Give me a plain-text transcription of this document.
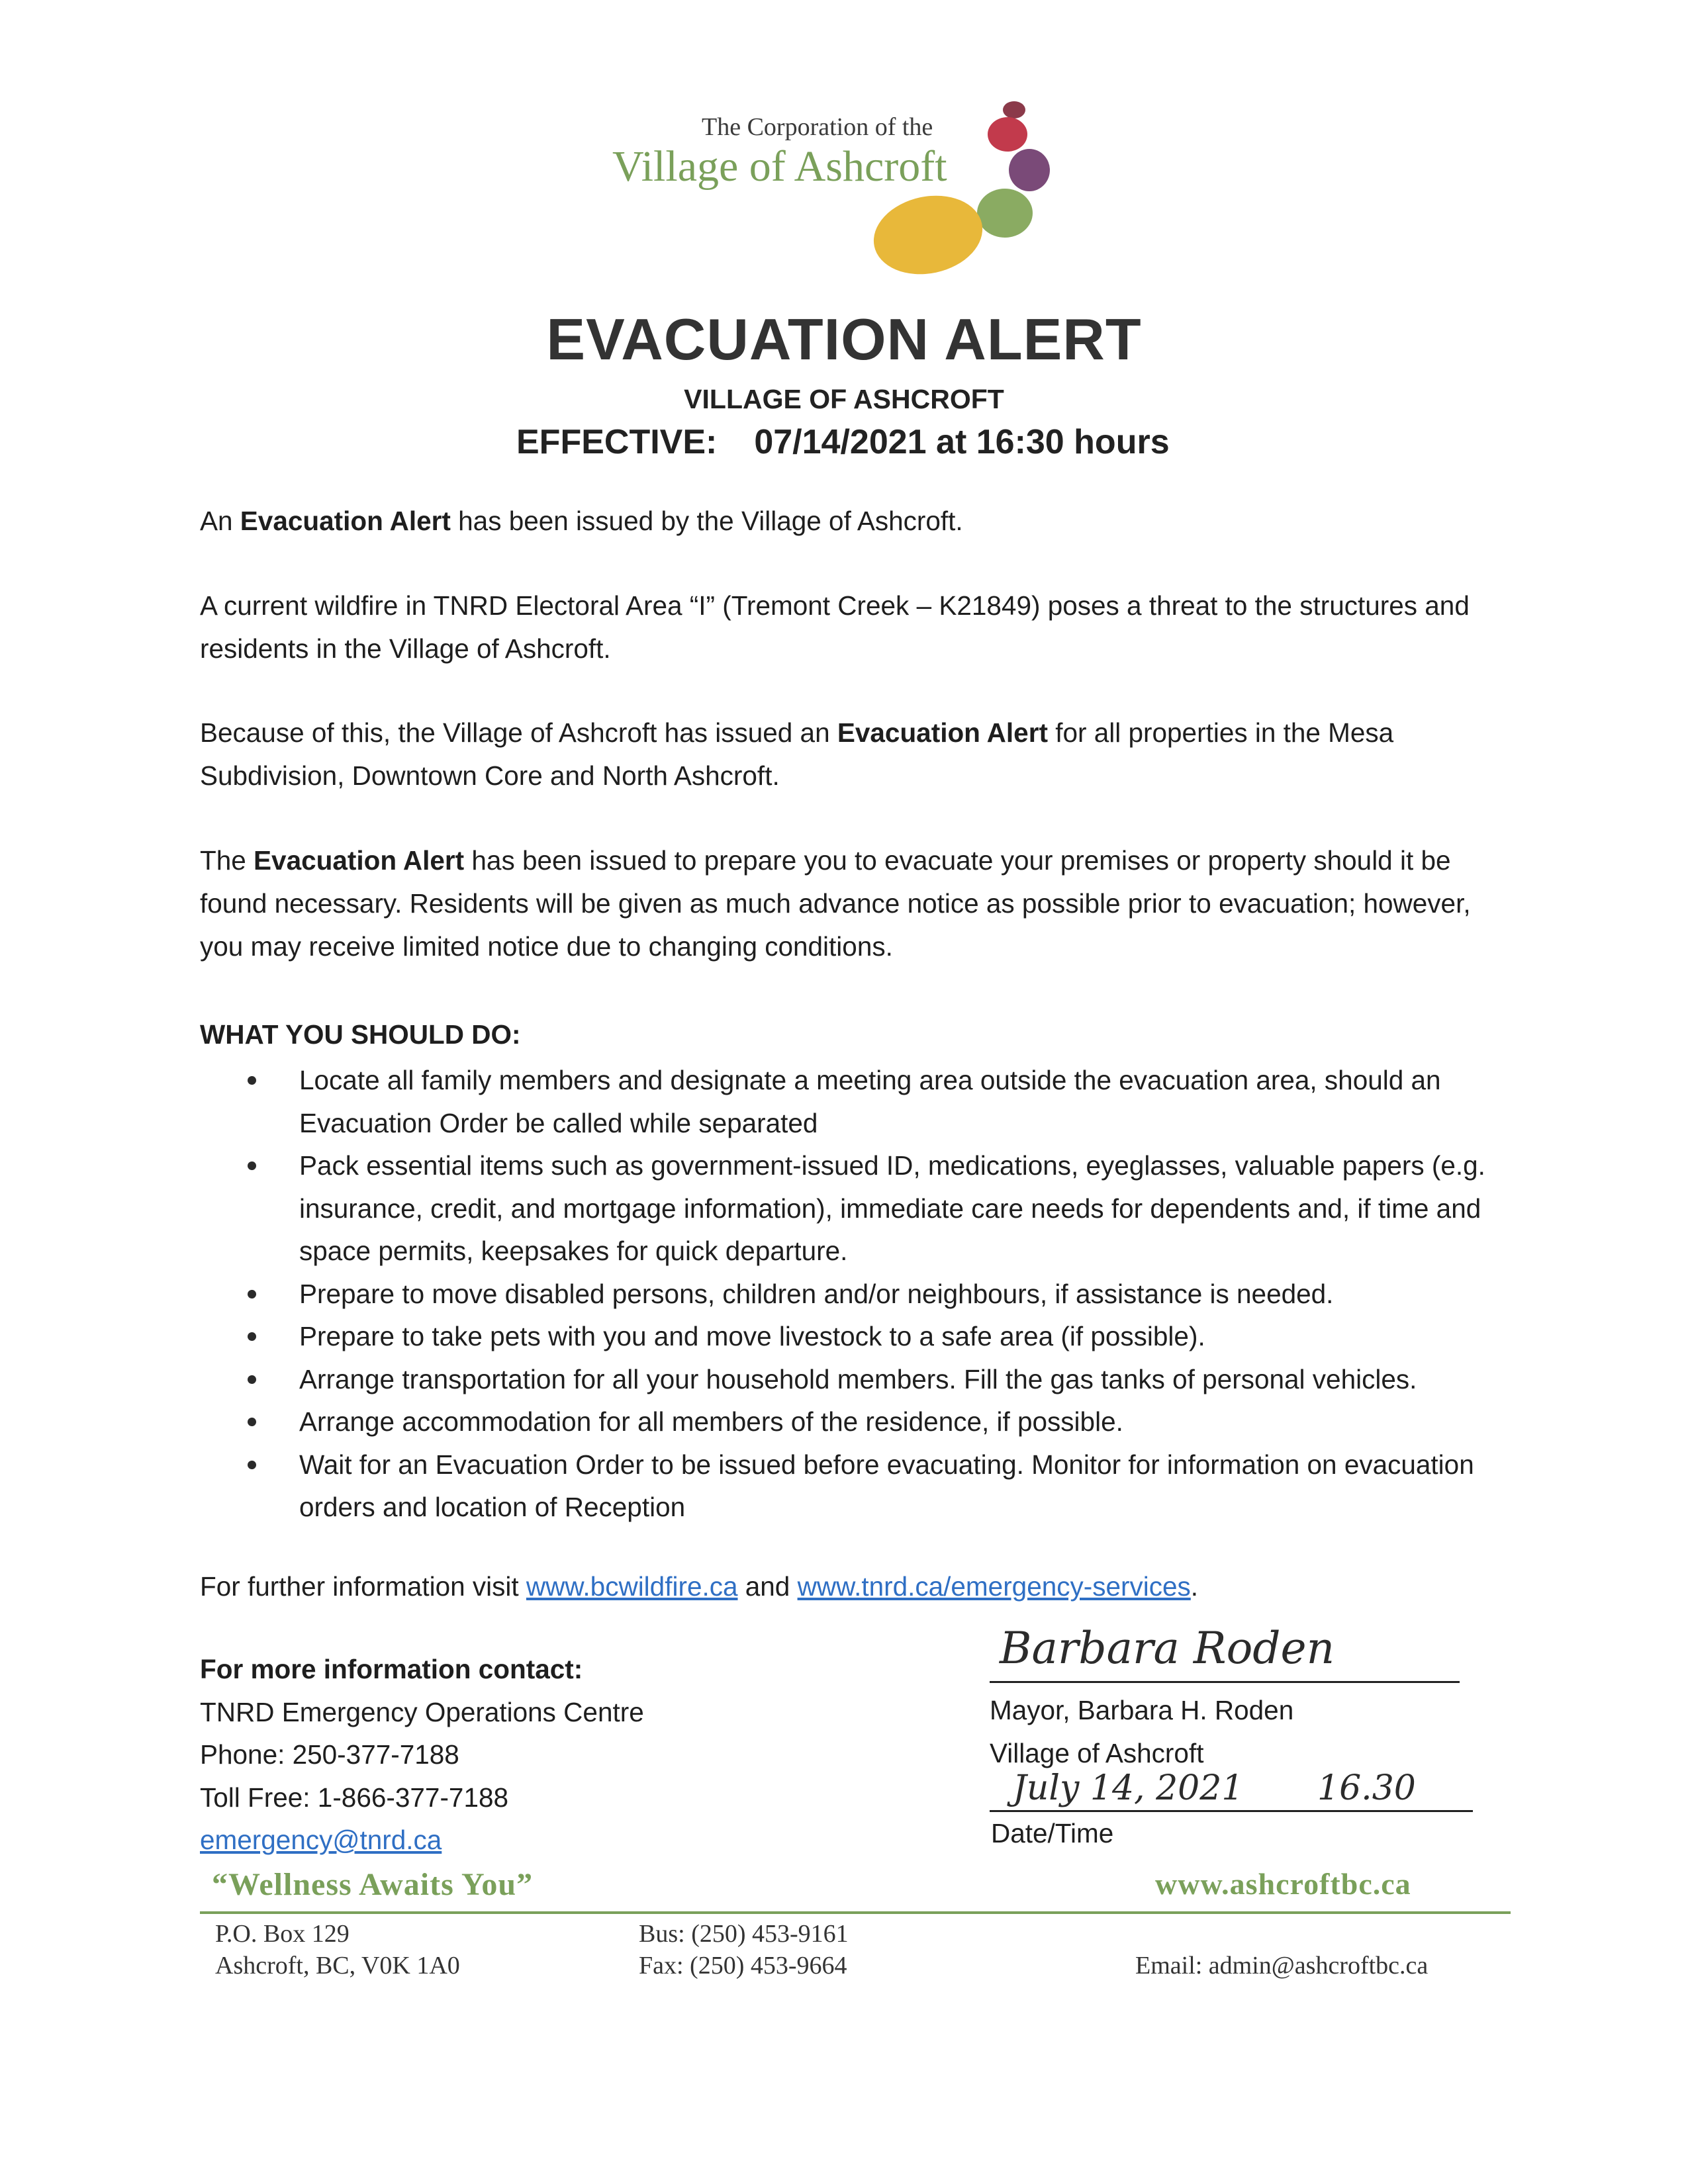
The Corporation of the
Village of Ashcroft
EVACUATION ALERT
VILLAGE OF ASHCROFT
EFFECTIVE: 07/14/2021 at 16:30 hours
An Evacuation Alert has been issued by the Village of Ashcroft.
A current wildfire in TNRD Electoral Area “I” (Tremont Creek – K21849) poses a threat to the structures and residents in the Village of Ashcroft.
Because of this, the Village of Ashcroft has issued an Evacuation Alert for all properties in the Mesa Subdivision, Downtown Core and North Ashcroft.
The Evacuation Alert has been issued to prepare you to evacuate your premises or property should it be found necessary. Residents will be given as much advance notice as possible prior to evacuation; however, you may receive limited notice due to changing conditions.
WHAT YOU SHOULD DO:
Locate all family members and designate a meeting area outside the evacuation area, should an Evacuation Order be called while separated
Pack essential items such as government-issued ID, medications, eyeglasses, valuable papers (e.g. insurance, credit, and mortgage information), immediate care needs for dependents and, if time and space permits, keepsakes for quick departure.
Prepare to move disabled persons, children and/or neighbours, if assistance is needed.
Prepare to take pets with you and move livestock to a safe area (if possible).
Arrange transportation for all your household members. Fill the gas tanks of personal vehicles.
Arrange accommodation for all members of the residence, if possible.
Wait for an Evacuation Order to be issued before evacuating. Monitor for information on evacuation orders and location of Reception
For further information visit www.bcwildfire.ca and www.tnrd.ca/emergency-services.
For more information contact:
TNRD Emergency Operations Centre
Phone: 250-377-7188
Toll Free: 1-866-377-7188
emergency@tnrd.ca
Barbara Roden
Mayor, Barbara H. Roden
Village of Ashcroft
July 14, 2021 16.30
Date/Time
“Wellness Awaits You”	www.ashcroftbc.ca
P.O. Box 129
Ashcroft, BC, V0K 1A0
Bus: (250) 453-9161
Fax: (250) 453-9664	Email: admin@ashcroftbc.ca
